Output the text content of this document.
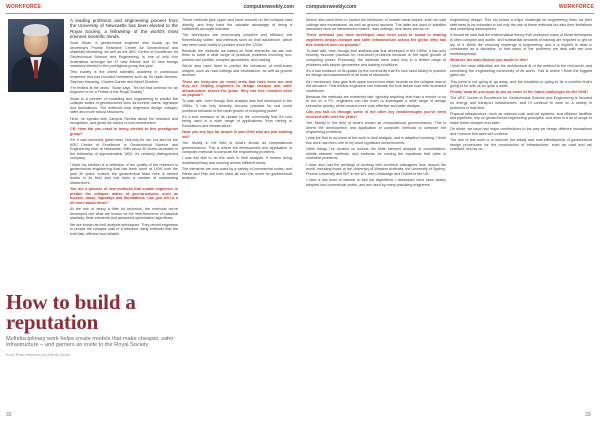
WORKFORCE	computerweekly.com computerweekly.com	WORKFORCE

A leading professor and engineering pioneer from the University of Newcastle has been elected to the Royal Society, a fellowship of the world's most eminent scientific minds.

Scott Sloan, a geotechnical engineer who heads up the university's Priority Research Centre for Geotechnical and Materials Modelling, as well as the ARC Centre of Excellence for Geotechnical Science and Engineering, is one of only four Australians amongst the 47 new fellows and 10 new foreign members elected to the prestigious group this year.

This society is the oldest scientific academy in continuous existence and has included luminaries such as Sir Isaac Newton, Stephen Hawking, Charles Darwin and Albert Einstein.

"I'm thrilled at the news," Sloan says. "It's not that common for an engineer to be a Fellow of the Royal Society."

Sloan is a pioneer of modelling and engineering to predict the collapse states of geostructures such as tunnels, dams, highways and foundations. The methods help engineers design cheaper, safer and more robust structures.

Here, he speaks with Campus Review about his research and recognition, and gives his advice to new researchers.

CR: How did you react to being elected to this prestigious group?

SS: It was obviously great news. Not only for me, but also for the ARC Centre of Excellence in Geotechnical Science and Engineering here at Newcastle. With about 80 Nobel laureates in the fellowship of approximately 1600, it's certainly distinguished company.

I think my election is a reflection of the quality of the research in geotechnical engineering that has been done at UON over the past 30 years. Indeed, the geotechnical team here is ranked leader in its field and has been a number of outstanding researchers.

You are a pioneer of new methods that enable engineers to predict the collapse states of geo-structures, such as tunnels, dams, highways and foundations. Can you tell us a bit more about these?

At the risk of being a little bit technical, the methods we've developed use what are known as the limit theorems of classical plasticity, finite elements and advanced optimisation algorithms.

We are known as limit analysis techniques. They permit engineers to predict the collapse load of a structure using methods that are both fast, efficient and reliable.

These methods give upper and lower bounds on the collapse load directly, and they have the valuable advantage of being a sufficiently accurate indicator.

The techniques are enormously powerful and efficient, but theoretically subtle, and methods such as limit equilibrium, which has been used widely in practice since the 1700s.

Because the methods are based on finite elements, we can use them to solve a wide range of practical problems involving non-uniform soil profiles, complex geometries, and loading.

We've also used them to predict the behaviour of multi-mass shapes, such as road cuttings and excavations, as well as ground anchors.

There are thirty-two (or more) tests that have been run and they are helping engineers to design cheaper and safer infrastructure across the globe. Why has this research been so popular?

To start with, even though limit analysis was first developed in the 1950s, it has only recently become practical for real world problems because of the rapid growth of computing power.

It's a true measure of its uptake by the community that it's now being used in a wide range of applications, from mining to foundations and infrastructure.

Have you any tips for people in your field who are just starting out?

Yes. Mostly in the field of what's known as computational geomechanics. This is where the development and application of computer methods to compute the engineering problems.

I was the first to do the work in limit analysis. It means being multidisciplinary and working across different areas.

The elements are now used by a variety of commercial codes, and Plaxis and Flac are both used all over the world for geotechnical analysis.

How to build a reputation
Multidisciplinary work helps create models that make cheaper, safer infrastructure – and garners an invite to the Royal Society
Scott Rhan Interview by Arlinda Mulda

Where also used them to predict the behaviour of human-made slopes, such as road cuttings and excavations, as well as ground anchors. The latter are used to stabilise structures such as transmission towers, road cuttings, rock faces and so on.

These methods you have developed have been used to assist in making engineers design cheaper and safer infrastructure across the globe. Why has this research been so popular?

To start with, even though limit analysis was first developed in the 1950s, it has only recently become practical for real-world problems because of the rapid growth of computing power. Previously, the methods were used only in a limited range of problems with simple geometries and loading conditions.

It's a true measure of its uptake by the community that it's now used widely in practice for design and assessment of all sorts of structures.

As I mentioned, they give both upper bound and lower bounds on the collapse load of the structure. That means engineers can estimate the true failure load with increased confidence.

Because the methods are extremely fast, typically requiring less than a minute or so to run on a PC, engineers can use them to investigate a wide range of design scenarios quickly, which means more cost-effective and safer designs.

Can you talk us through some of the other key breakthroughs you've been involved with over the years?

Yes. Mostly in the field of what's known as computational geomechanics. This is where the development and application of computer methods to compute the engineering problems.

I was the first to do some of the work in limit analysis, and in adaptive meshing. I think this work has been one of my most significant achievements.

Other things I've worked on include the finite element analysis of consolidation, infinite element methods, and methods for solving the equations that arise in nonlinear problems.

I have also had the privilege of working with excellent colleagues from around the world, including those at the University of Western Australia, the University of Sydney, Purdue University and MIT in the US, and Cambridge and Oxford in the UK.

I have a low level of interest in that but Algorithms I developed have been widely adopted into commercial codes, and are used by many practising engineers.

engineering design. This trip posed a major challenge for engineering firms, as their staff need to be educated in not only the use of these methods but also their limitations and underlying assumptions.

It should be said that the mathematical theory that underpins many of these techniques is often complex and subtle, and substantial amounts of training are required to get on top of it. While the enduring challenge is engineering, and it is implied in what is considered as a discipline, in that many of the problems we deal with are now multidisciplinary.

What are the main factors you tackle in this?

I think the main difficulties are the architectural fit of the method to the real world, and convincing the engineering community of its worth. This is where I think the biggest gains are.

This trend is not going to go away, and the transition is going to be a problem that's going to be with us for quite a while.

Finally, what do you hope to see as some of the future challenges for the field?

The ARC Centre of Excellence for Geotechnical Science and Engineering is focused on energy and transport infrastructure, and I'll continue to work on a variety of problems in that field.

Physical infrastructure, such as national road and rail systems, and offshore facilities and pipelines, rely on geotechnical engineering principles, and there is a lot of scope to make these cheaper and safer.

On shore, we have had major contributions to the way we design offshore foundations and I believe this work will continue.

The aim of this work is to improve the safety and cost-effectiveness of geotechnical design procedures for the construction of infrastructure, such as road and rail corridors, and so on.

32	33
